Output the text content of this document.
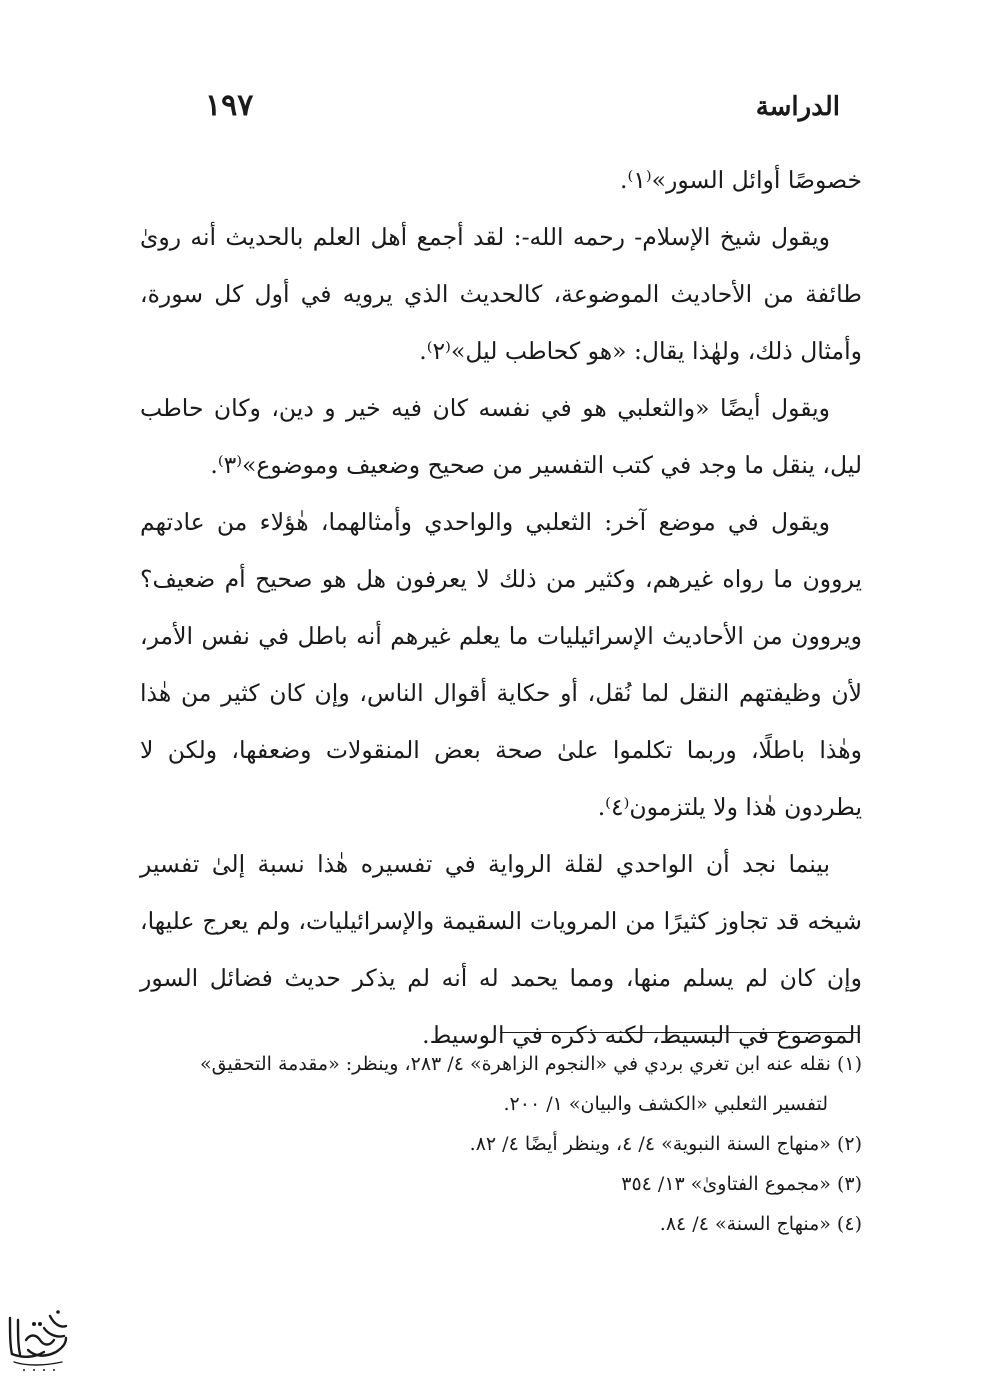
الدراسة
١٩٧

خصوصًا أوائل السور»⁽١⁾.

ويقول شيخ الإسلام- رحمه الله-: لقد أجمع أهل العلم بالحديث أنه روىٰ طائفة من الأحاديث الموضوعة، كالحديث الذي يرويه في أول كل سورة، وأمثال ذلك، ولهٰذا يقال: «هو كحاطب ليل»⁽٢⁾.

ويقول أيضًا «والثعلبي هو في نفسه كان فيه خير و دين، وكان حاطب ليل، ينقل ما وجد في كتب التفسير من صحيح وضعيف وموضوع»⁽٣⁾.

ويقول في موضع آخر: الثعلبي والواحدي وأمثالهما، هٰؤلاء من عادتهم يروون ما رواه غيرهم، وكثير من ذلك لا يعرفون هل هو صحيح أم ضعيف؟ ويروون من الأحاديث الإسرائيليات ما يعلم غيرهم أنه باطل في نفس الأمر، لأن وظيفتهم النقل لما نُقل، أو حكاية أقوال الناس، وإن كان كثير من هٰذا وهٰذا باطلًا، وربما تكلموا علىٰ صحة بعض المنقولات وضعفها، ولكن لا يطردون هٰذا ولا يلتزمون⁽٤⁾.

بينما نجد أن الواحدي لقلة الرواية في تفسيره هٰذا نسبة إلىٰ تفسير شيخه قد تجاوز كثيرًا من المرويات السقيمة والإسرائيليات، ولم يعرج عليها، وإن كان لم يسلم منها، ومما يحمد له أنه لم يذكر حديث فضائل السور الموضوع في البسيط، لكنه ذكره في الوسيط.

(١) نقله عنه ابن تغري بردي في «النجوم الزاهرة» ٤/ ٢٨٣، وينظر: «مقدمة التحقيق»

لتفسير الثعلبي «الكشف والبيان» ١/ ٢٠٠.

(٢) «منهاج السنة النبوية» ٤/ ٤، وينظر أيضًا ٤/ ٨٢.

(٣) «مجموع الفتاوىٰ» ١٣/ ٣٥٤

(٤) «منهاج السنة» ٤/ ٨٤.
